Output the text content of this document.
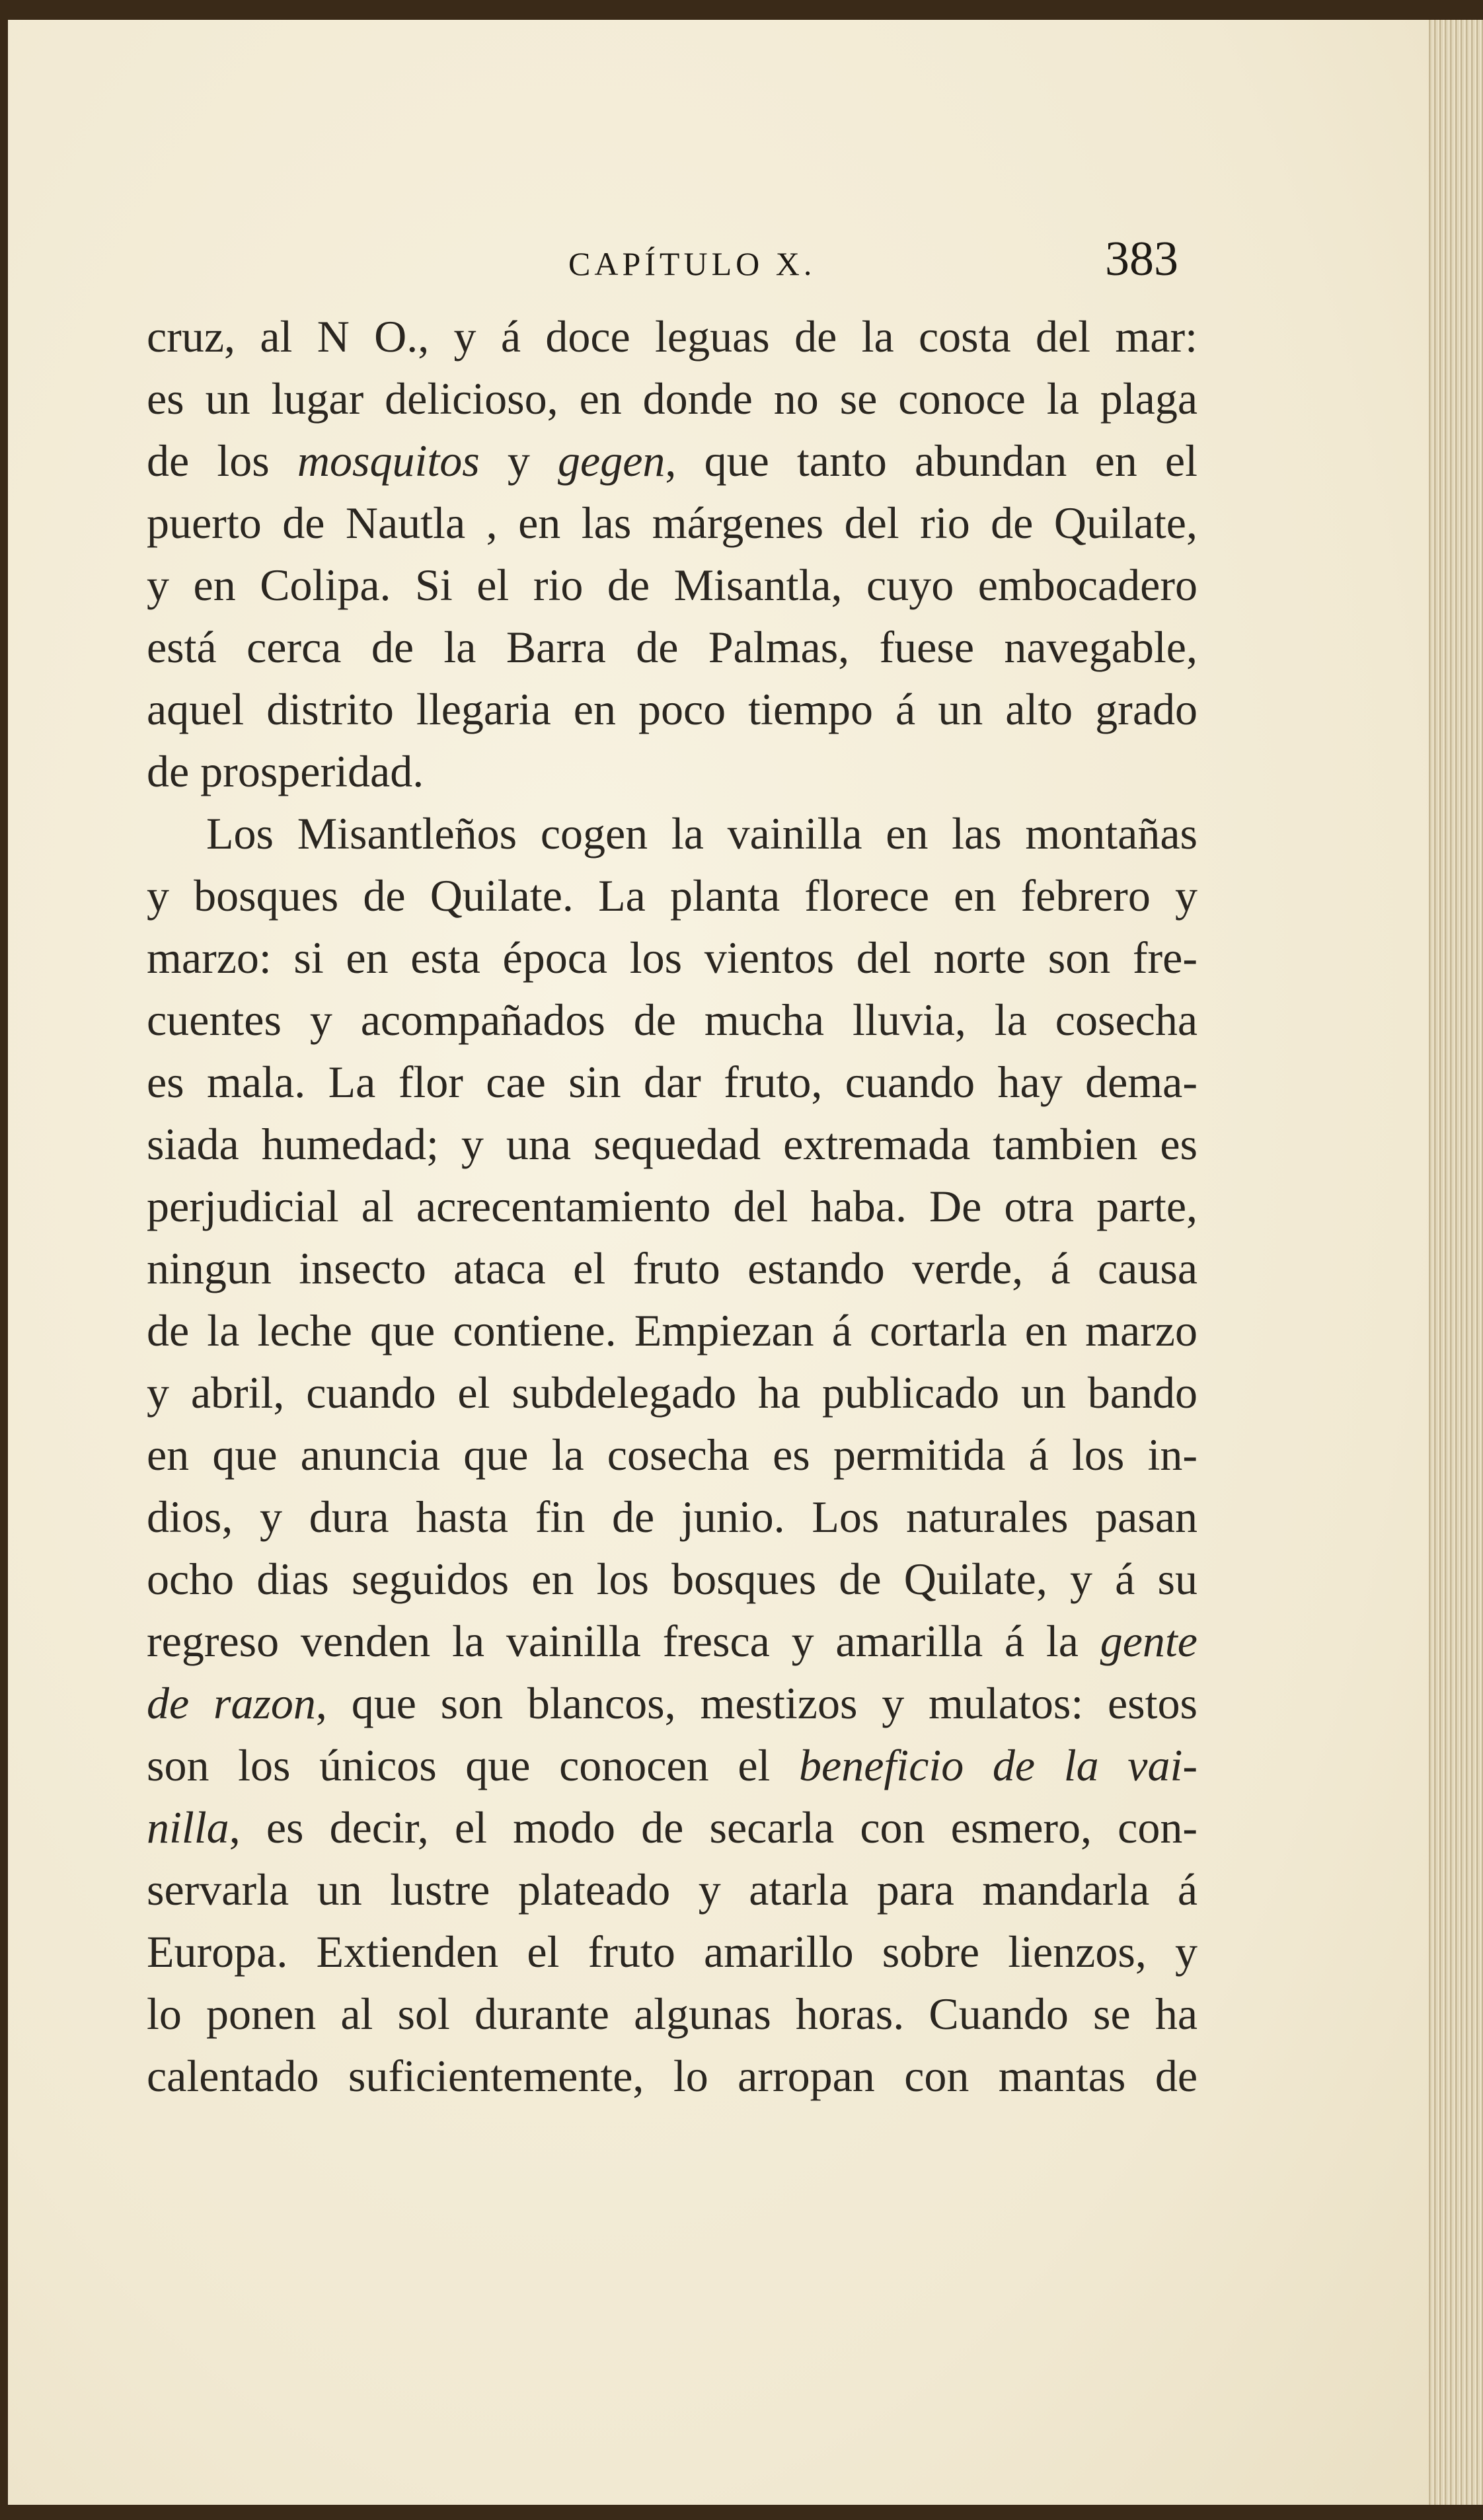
CAPÍTULO X.	383
cruz, al N O., y á doce leguas de la costa del mar:
es un lugar delicioso, en donde no se conoce la plaga
de los mosquitos y gegen, que tanto abundan en el
puerto de Nautla , en las márgenes del rio de Quilate,
y en Colipa. Si el rio de Misantla, cuyo embocadero
está cerca de la Barra de Palmas, fuese navegable,
aquel distrito llegaria en poco tiempo á un alto grado
de prosperidad.
Los Misantleños cogen la vainilla en las montañas
y bosques de Quilate. La planta florece en febrero y
marzo: si en esta época los vientos del norte son fre-
cuentes y acompañados de mucha lluvia, la cosecha
es mala. La flor cae sin dar fruto, cuando hay dema-
siada humedad; y una sequedad extremada tambien es
perjudicial al acrecentamiento del haba. De otra parte,
ningun insecto ataca el fruto estando verde, á causa
de la leche que contiene. Empiezan á cortarla en marzo
y abril, cuando el subdelegado ha publicado un bando
en que anuncia que la cosecha es permitida á los in-
dios, y dura hasta fin de junio. Los naturales pasan
ocho dias seguidos en los bosques de Quilate, y á su
regreso venden la vainilla fresca y amarilla á la gente
de razon, que son blancos, mestizos y mulatos: estos
son los únicos que conocen el beneficio de la vai-
nilla, es decir, el modo de secarla con esmero, con-
servarla un lustre plateado y atarla para mandarla á
Europa. Extienden el fruto amarillo sobre lienzos, y
lo ponen al sol durante algunas horas. Cuando se ha
calentado suficientemente, lo arropan con mantas de
